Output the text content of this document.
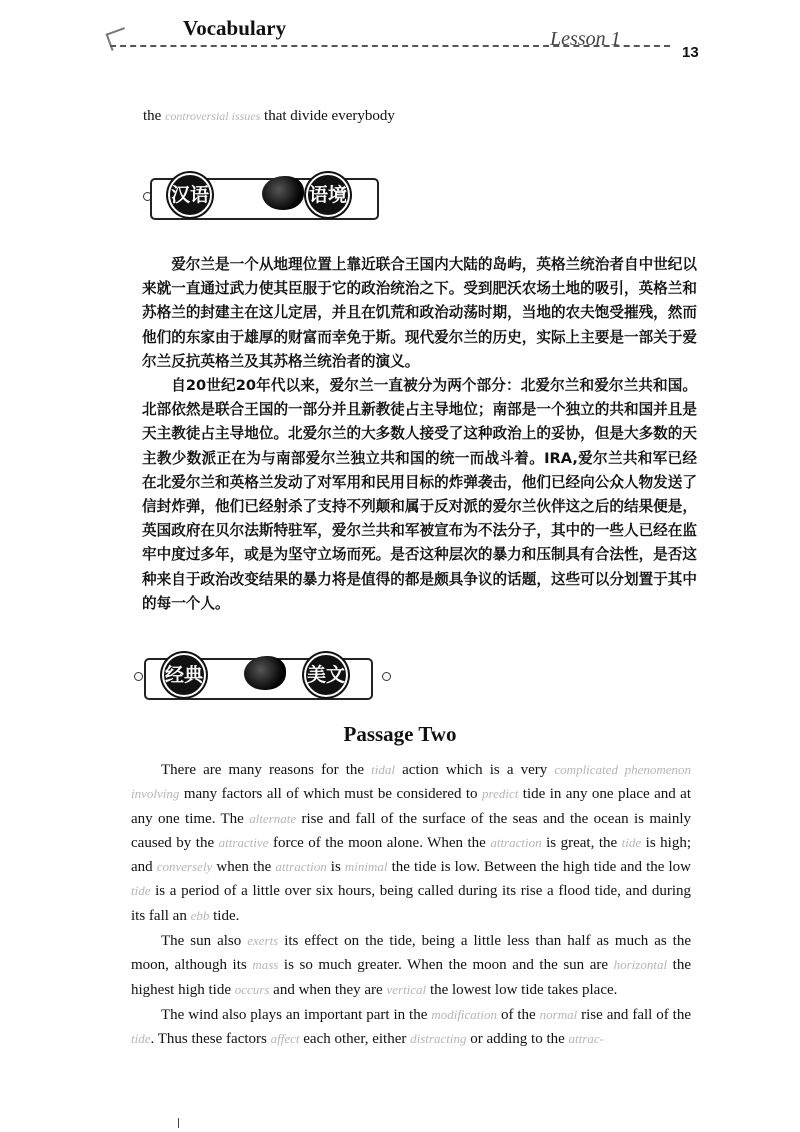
Vocabulary	Lesson 1
13
the controversial issues that divide everybody
汉语	语境

爱尔兰是一个从地理位置上靠近联合王国内大陆的岛屿，英格兰统治者自中世纪以来就一直通过武力使其臣服于它的政治统治之下。受到肥沃农场土地的吸引，英格兰和苏格兰的封建主在这儿定居，并且在饥荒和政治动荡时期，当地的农夫饱受摧残，然而他们的东家由于雄厚的财富而幸免于斯。现代爱尔兰的历史，实际上主要是一部关于爱尔兰反抗英格兰及其苏格兰统治者的演义。

自20世纪20年代以来，爱尔兰一直被分为两个部分：北爱尔兰和爱尔兰共和国。北部依然是联合王国的一部分并且新教徒占主导地位；南部是一个独立的共和国并且是天主教徒占主导地位。北爱尔兰的大多数人接受了这种政治上的妥协，但是大多数的天主教少数派正在为与南部爱尔兰独立共和国的统一而战斗着。IRA,爱尔兰共和军已经在北爱尔兰和英格兰发动了对军用和民用目标的炸弹袭击，他们已经向公众人物发送了信封炸弹，他们已经射杀了支持不列颠和属于反对派的爱尔兰伙伴这之后的结果便是，英国政府在贝尔法斯特驻军，爱尔兰共和军被宣布为不法分子，其中的一些人已经在监牢中度过多年，或是为坚守立场而死。是否这种层次的暴力和压制具有合法性，是否这种来自于政治改变结果的暴力将是值得的都是颇具争议的话题，这些可以分划置于其中的每一个人。

经典	美文
Passage Two

There are many reasons for the tidal action which is a very complicated phenomenon involving many factors all of which must be considered to predict tide in any one place and at any one time. The alternate rise and fall of the surface of the seas and the ocean is mainly caused by the attractive force of the moon alone. When the attraction is great, the tide is high; and conversely when the attraction is minimal the tide is low. Between the high tide and the low tide is a period of a little over six hours, being called during its rise a flood tide, and during its fall an ebb tide.

The sun also exerts its effect on the tide, being a little less than half as much as the moon, although its mass is so much greater. When the moon and the sun are horizontal the highest high tide occurs and when they are vertical the lowest low tide takes place.

The wind also plays an important part in the modification of the normal rise and fall of the tide. Thus these factors affect each other, either distracting or adding to the attrac-
